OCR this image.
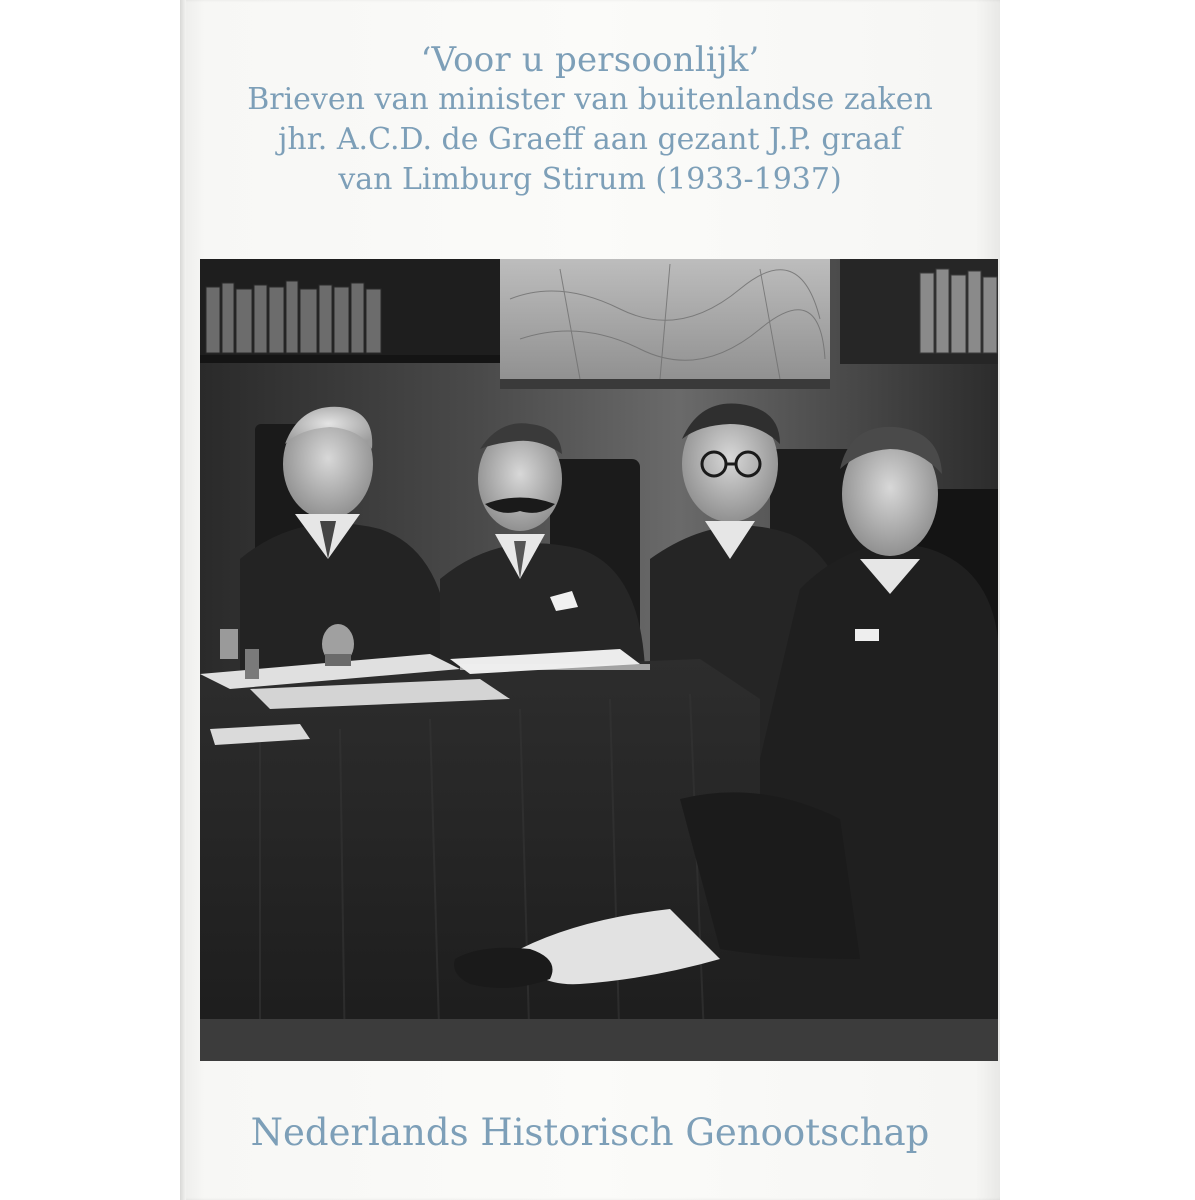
‘Voor u persoonlijk’

Brieven van minister van buitenlandse zaken

jhr. A.C.D. de Graeff aan gezant J.P. graaf

van Limburg Stirum (1933-1937)

Nederlands Historisch Genootschap
